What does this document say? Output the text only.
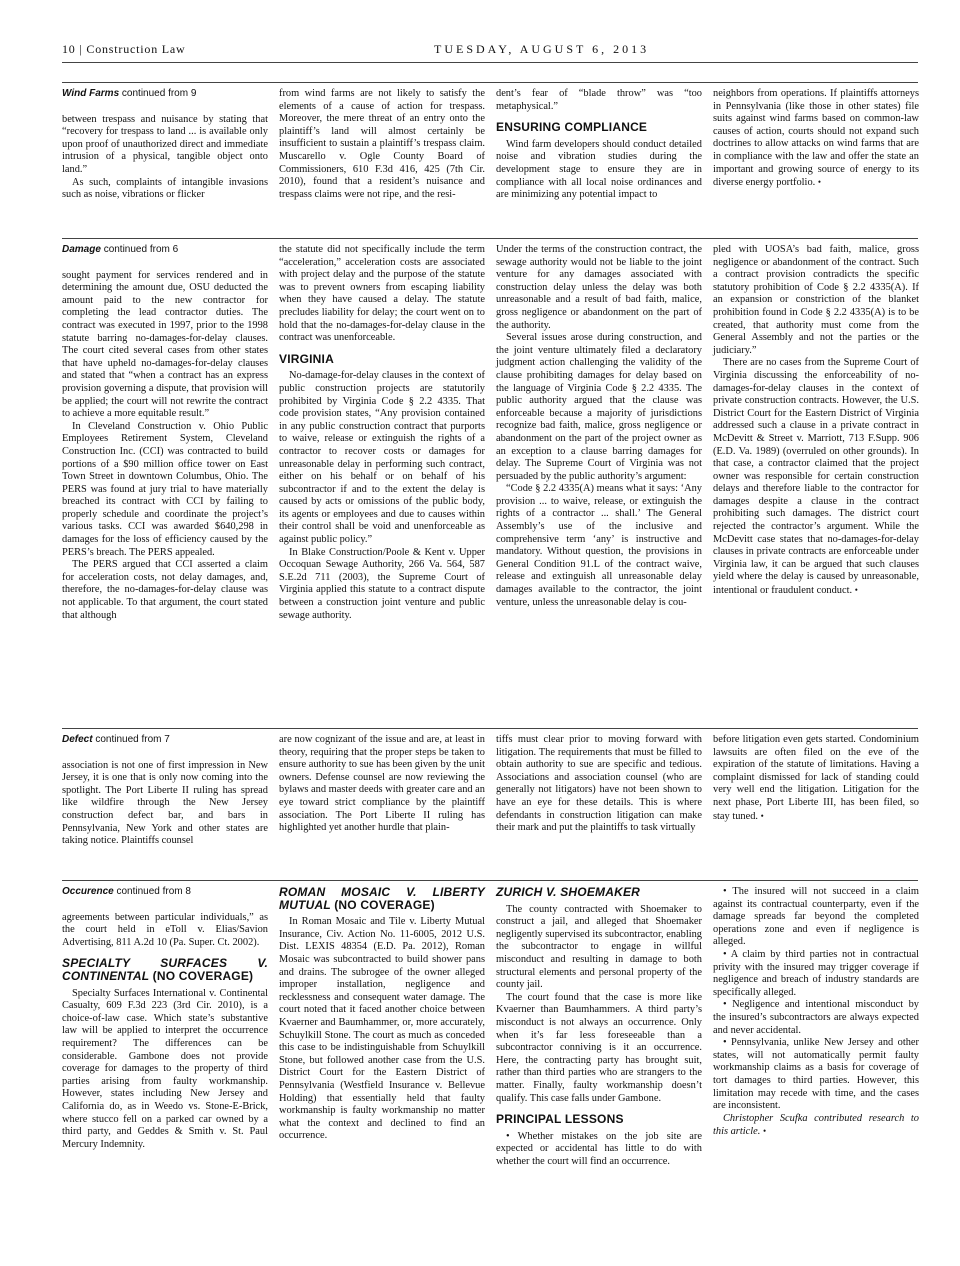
10 | Construction Law	TUESDAY, AUGUST 6, 2013
Wind Farms continued from 9

between trespass and nuisance by stating that “recovery for trespass to land ... is available only upon proof of unauthorized direct and immediate intrusion of a physical, tangible object onto land.”

As such, complaints of intangible invasions such as noise, vibrations or flicker

from wind farms are not likely to satisfy the elements of a cause of action for trespass. Moreover, the mere threat of an entry onto the plaintiff’s land will almost certainly be insufficient to sustain a plaintiff’s trespass claim. Muscarello v. Ogle County Board of Commissioners, 610 F.3d 416, 425 (7th Cir. 2010), found that a resident’s nuisance and trespass claims were not ripe, and the resi-

dent’s fear of “blade throw” was “too metaphysical.”

ENSURING COMPLIANCE

Wind farm developers should conduct detailed noise and vibration studies during the development stage to ensure they are in compliance with all local noise ordinances and are minimizing any potential impact to

neighbors from operations. If plaintiffs attorneys in Pennsylvania (like those in other states) file suits against wind farms based on common-law causes of action, courts should not expand such doctrines to allow attacks on wind farms that are in compliance with the law and offer the state an important and growing source of energy to its diverse energy portfolio. •

Damage continued from 6

sought payment for services rendered and in determining the amount due, OSU deducted the amount paid to the new contractor for completing the lead contractor duties. The contract was executed in 1997, prior to the 1998 statute barring no-damages-for-delay clauses. The court cited several cases from other states that have upheld no-damages-for-delay clauses and stated that “when a contract has an express provision governing a dispute, that provision will be applied; the court will not rewrite the contract to achieve a more equitable result.”

In Cleveland Construction v. Ohio Public Employees Retirement System, Cleveland Construction Inc. (CCI) was contracted to build portions of a $90 million office tower on East Town Street in downtown Columbus, Ohio. The PERS was found at jury trial to have materially breached its contract with CCI by failing to properly schedule and coordinate the project’s various tasks. CCI was awarded $640,298 in damages for the loss of efficiency caused by the PERS’s breach. The PERS appealed.

The PERS argued that CCI asserted a claim for acceleration costs, not delay damages, and, therefore, the no-damages-for-delay clause was not applicable. To that argument, the court stated that although

the statute did not specifically include the term “acceleration,” acceleration costs are associated with project delay and the purpose of the statute was to prevent owners from escaping liability when they have caused a delay. The statute precludes liability for delay; the court went on to hold that the no-damages-for-delay clause in the contract was unenforceable.

VIRGINIA

No-damage-for-delay clauses in the context of public construction projects are statutorily prohibited by Virginia Code § 2.2 4335. That code provision states, “Any provision contained in any public construction contract that purports to waive, release or extinguish the rights of a contractor to recover costs or damages for unreasonable delay in performing such contract, either on his behalf or on behalf of his subcontractor if and to the extent the delay is caused by acts or omissions of the public body, its agents or employees and due to causes within their control shall be void and unenforceable as against public policy.”

In Blake Construction/Poole & Kent v. Upper Occoquan Sewage Authority, 266 Va. 564, 587 S.E.2d 711 (2003), the Supreme Court of Virginia applied this statute to a contract dispute between a construction joint venture and public sewage authority.

Under the terms of the construction contract, the sewage authority would not be liable to the joint venture for any damages associated with construction delay unless the delay was both unreasonable and a result of bad faith, malice, gross negligence or abandonment on the part of the authority.

Several issues arose during construction, and the joint venture ultimately filed a declaratory judgment action challenging the validity of the clause prohibiting damages for delay based on the language of Virginia Code § 2.2 4335. The public authority argued that the clause was enforceable because a majority of jurisdictions recognize bad faith, malice, gross negligence or abandonment on the part of the project owner as an exception to a clause barring damages for delay. The Supreme Court of Virginia was not persuaded by the public authority’s argument:

“Code § 2.2 4335(A) means what it says: ‘Any provision ... to waive, release, or extinguish the rights of a contractor ... shall.’ The General Assembly’s use of the inclusive and comprehensive term ‘any’ is instructive and mandatory. Without question, the provisions in General Condition 91.L of the contract waive, release and extinguish all unreasonable delay damages available to the contractor, the joint venture, unless the unreasonable delay is cou-

pled with UOSA’s bad faith, malice, gross negligence or abandonment of the contract. Such a contract provision contradicts the specific statutory prohibition of Code § 2.2 4335(A). If an expansion or constriction of the blanket prohibition found in Code § 2.2 4335(A) is to be created, that authority must come from the General Assembly and not the parties or the judiciary.”

There are no cases from the Supreme Court of Virginia discussing the enforceability of no-damages-for-delay clauses in the context of private construction contracts. However, the U.S. District Court for the Eastern District of Virginia addressed such a clause in a private contract in McDevitt & Street v. Marriott, 713 F.Supp. 906 (E.D. Va. 1989) (overruled on other grounds). In that case, a contractor claimed that the project owner was responsible for certain construction delays and therefore liable to the contractor for damages despite a clause in the contract prohibiting such damages. The district court rejected the contractor’s argument. While the McDevitt case states that no-damages-for-delay clauses in private contracts are enforceable under Virginia law, it can be argued that such clauses yield where the delay is caused by unreasonable, intentional or fraudulent conduct. •

Defect continued from 7

association is not one of first impression in New Jersey, it is one that is only now coming into the spotlight. The Port Liberte II ruling has spread like wildfire through the New Jersey construction defect bar, and bars in Pennsylvania, New York and other states are taking notice. Plaintiffs counsel

are now cognizant of the issue and are, at least in theory, requiring that the proper steps be taken to ensure authority to sue has been given by the unit owners. Defense counsel are now reviewing the bylaws and master deeds with greater care and an eye toward strict compliance by the plaintiff association. The Port Liberte II ruling has highlighted yet another hurdle that plain-

tiffs must clear prior to moving forward with litigation. The requirements that must be filled to obtain authority to sue are specific and tedious. Associations and association counsel (who are generally not litigators) have not been shown to have an eye for these details. This is where defendants in construction litigation can make their mark and put the plaintiffs to task virtually

before litigation even gets started. Condominium lawsuits are often filed on the eve of the expiration of the statute of limitations. Having a complaint dismissed for lack of standing could very well end the litigation. Litigation for the next phase, Port Liberte III, has been filed, so stay tuned. •

Occurence continued from 8

agreements between particular individuals,” as the court held in eToll v. Elias/Savion Advertising, 811 A.2d 10 (Pa. Super. Ct. 2002).

SPECIALTY SURFACES V. CONTINENTAL (NO COVERAGE)

Specialty Surfaces International v. Continental Casualty, 609 F.3d 223 (3rd Cir. 2010), is a choice-of-law case. Which state’s substantive law will be applied to interpret the occurrence requirement? The differences can be considerable. Gambone does not provide coverage for damages to the property of third parties arising from faulty workmanship. However, states including New Jersey and California do, as in Weedo vs. Stone-E-Brick, where stucco fell on a parked car owned by a third party, and Geddes & Smith v. St. Paul Mercury Indemnity.

ROMAN MOSAIC V. LIBERTY MUTUAL (NO COVERAGE)

In Roman Mosaic and Tile v. Liberty Mutual Insurance, Civ. Action No. 11-6005, 2012 U.S. Dist. LEXIS 48354 (E.D. Pa. 2012), Roman Mosaic was subcontracted to build shower pans and drains. The subrogee of the owner alleged improper installation, negligence and recklessness and consequent water damage. The court noted that it faced another choice between Kvaerner and Baumhammer, or, more accurately, Schuylkill Stone. The court as much as conceded this case to be indistinguishable from Schuylkill Stone, but followed another case from the U.S. District Court for the Eastern District of Pennsylvania (Westfield Insurance v. Bellevue Holding) that essentially held that faulty workmanship is faulty workmanship no matter what the context and declined to find an occurrence.

ZURICH V. SHOEMAKER

The county contracted with Shoemaker to construct a jail, and alleged that Shoemaker negligently supervised its subcontractor, enabling the subcontractor to engage in willful misconduct and resulting in damage to both structural elements and personal property of the county jail.

The court found that the case is more like Kvaerner than Baumhammers. A third party’s misconduct is not always an occurrence. Only when it’s far less foreseeable than a subcontractor conniving is it an occurrence. Here, the contracting party has brought suit, rather than third parties who are strangers to the matter. Finally, faulty workmanship doesn’t qualify. This case falls under Gambone.

PRINCIPAL LESSONS

• Whether mistakes on the job site are expected or accidental has little to do with whether the court will find an occurrence.

• The insured will not succeed in a claim against its contractual counterparty, even if the damage spreads far beyond the completed operations zone and even if negligence is alleged.

• A claim by third parties not in contractual privity with the insured may trigger coverage if negligence and breach of industry standards are specifically alleged.

• Negligence and intentional misconduct by the insured’s subcontractors are always expected and never accidental.

• Pennsylvania, unlike New Jersey and other states, will not automatically permit faulty workmanship claims as a basis for coverage of tort damages to third parties. However, this limitation may recede with time, and the cases are inconsistent.

Christopher Scufka contributed research to this article. •
